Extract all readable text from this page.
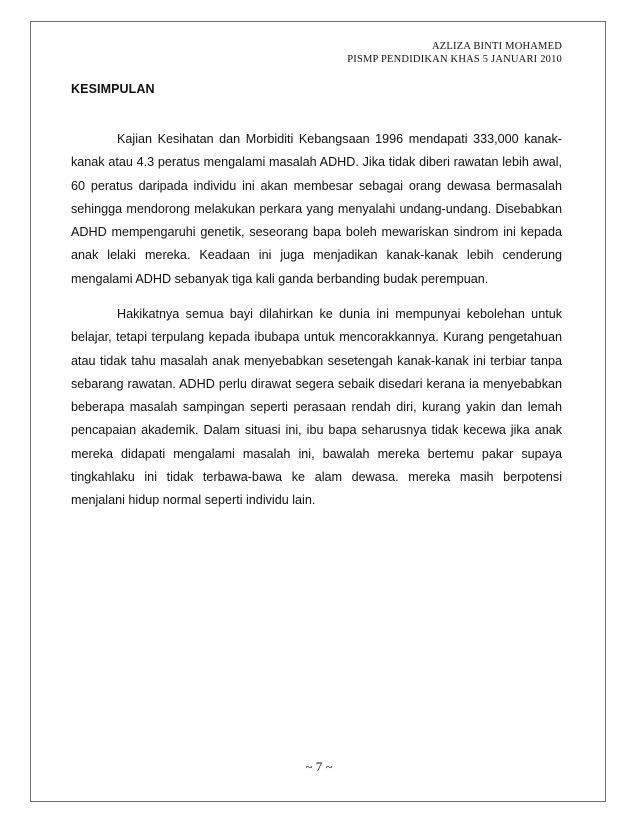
AZLIZA BINTI MOHAMED
PISMP PENDIDIKAN KHAS 5 JANUARI 2010
KESIMPULAN

Kajian Kesihatan dan Morbiditi Kebangsaan 1996 mendapati 333,000 kanak-kanak atau 4.3 peratus mengalami masalah ADHD. Jika tidak diberi rawatan lebih awal, 60 peratus daripada individu ini akan membesar sebagai orang dewasa bermasalah sehingga mendorong melakukan perkara yang menyalahi undang-undang. Disebabkan ADHD mempengaruhi genetik, seseorang bapa boleh mewariskan sindrom ini kepada anak lelaki mereka. Keadaan ini juga menjadikan kanak-kanak lebih cenderung mengalami ADHD sebanyak tiga kali ganda berbanding budak perempuan.

Hakikatnya semua bayi dilahirkan ke dunia ini mempunyai kebolehan untuk belajar, tetapi terpulang kepada ibubapa untuk mencorakkannya. Kurang pengetahuan atau tidak tahu masalah anak menyebabkan sesetengah kanak-kanak ini terbiar tanpa sebarang rawatan. ADHD perlu dirawat segera sebaik disedari kerana ia menyebabkan beberapa masalah sampingan seperti perasaan rendah diri, kurang yakin dan lemah pencapaian akademik. Dalam situasi ini, ibu bapa seharusnya tidak kecewa jika anak mereka didapati mengalami masalah ini, bawalah mereka bertemu pakar supaya tingkahlaku ini tidak terbawa-bawa ke alam dewasa. mereka masih berpotensi menjalani hidup normal seperti individu lain.

~ 7 ~
